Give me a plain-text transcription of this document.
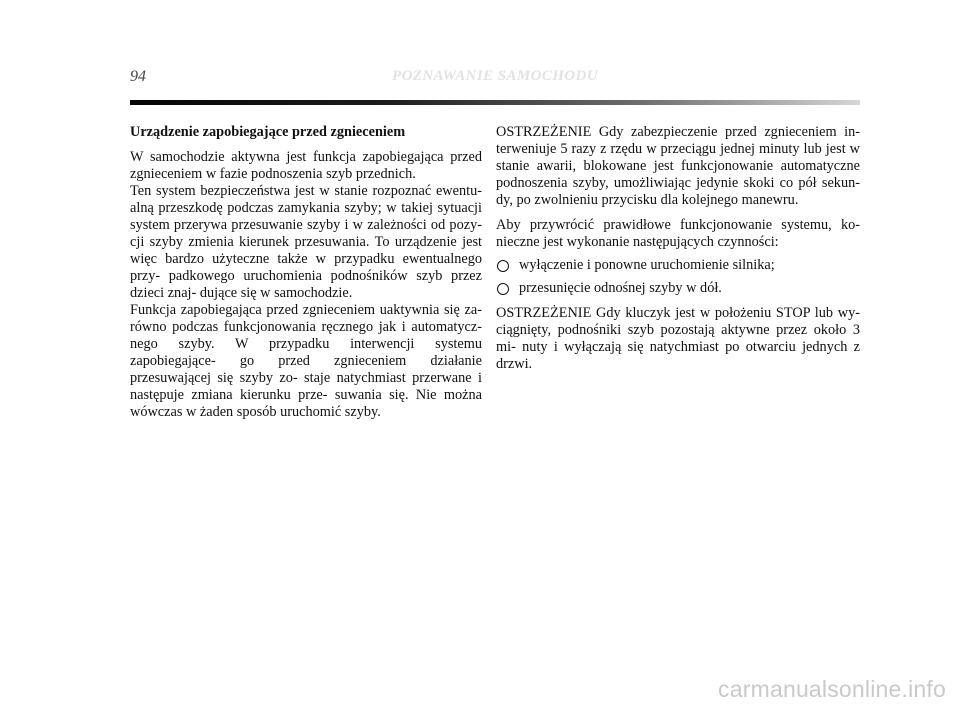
94	POZNAWANIE SAMOCHODU

Urządzenie zapobiegające przed zgnieceniem

W samochodzie aktywna jest funkcja zapobiegająca przed zgnieceniem w fazie podnoszenia szyb przednich.

Ten system bezpieczeństwa jest w stanie rozpoznać ewentu- alną przeszkodę podczas zamykania szyby; w takiej sytuacji system przerywa przesuwanie szyby i w zależności od pozy- cji szyby zmienia kierunek przesuwania. To urządzenie jest więc bardzo użyteczne także w przypadku ewentualnego przy- padkowego uruchomienia podnośników szyb przez dzieci znaj- dujące się w samochodzie.

Funkcja zapobiegająca przed zgnieceniem uaktywnia się za- równo podczas funkcjonowania ręcznego jak i automatycz- nego szyby. W przypadku interwencji systemu zapobiegające- go przed zgnieceniem działanie przesuwającej się szyby zo- staje natychmiast przerwane i następuje zmiana kierunku prze- suwania się. Nie można wówczas w żaden sposób uruchomić szyby.

OSTRZEŻENIE Gdy zabezpieczenie przed zgnieceniem in- terweniuje 5 razy z rzędu w przeciągu jednej minuty lub jest w stanie awarii, blokowane jest funkcjonowanie automatyczne podnoszenia szyby, umożliwiając jedynie skoki co pół sekun- dy, po zwolnieniu przycisku dla kolejnego manewru.

Aby przywrócić prawidłowe funkcjonowanie systemu, ko- nieczne jest wykonanie następujących czynności:

wyłączenie i ponowne uruchomienie silnika;
przesunięcie odnośnej szyby w dół.

OSTRZEŻENIE Gdy kluczyk jest w położeniu STOP lub wy- ciągnięty, podnośniki szyb pozostają aktywne przez około 3 mi- nuty i wyłączają się natychmiast po otwarciu jednych z drzwi.

carmanualsonline.info
